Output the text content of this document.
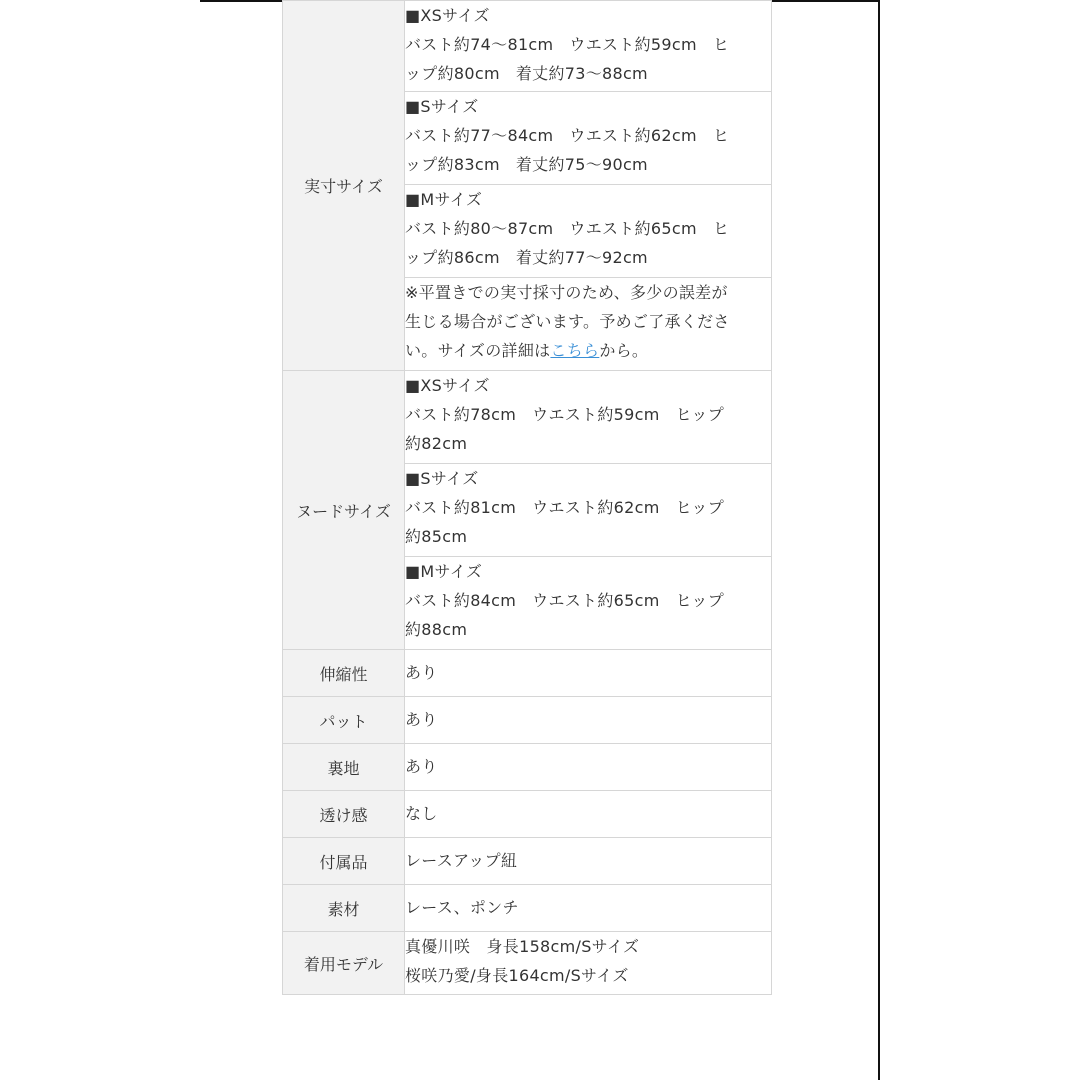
実寸サイズ	■XSサイズ
バスト約74〜81cm ウエスト約59cm ヒ
ップ約80cm 着丈約73〜88cm

	■Sサイズ
バスト約77〜84cm ウエスト約62cm ヒ
ップ約83cm 着丈約75〜90cm

	■Mサイズ
バスト約80〜87cm ウエスト約65cm ヒ
ップ約86cm 着丈約77〜92cm

	※平置きでの実寸採寸のため、多少の誤差が
生じる場合がございます。予めご了承くださ
い。サイズの詳細はこちらから。

ヌードサイズ	■XSサイズ
バスト約78cm ウエスト約59cm ヒップ
約82cm

	■Sサイズ
バスト約81cm ウエスト約62cm ヒップ
約85cm

	■Mサイズ
バスト約84cm ウエスト約65cm ヒップ
約88cm

伸縮性	あり
パット	あり
裏地	あり
透け感	なし
付属品	レースアップ紐
素材	レース、ポンチ
着用モデル	真優川咲　身長158cm/Sサイズ
桜咲乃愛/身長164cm/Sサイズ
